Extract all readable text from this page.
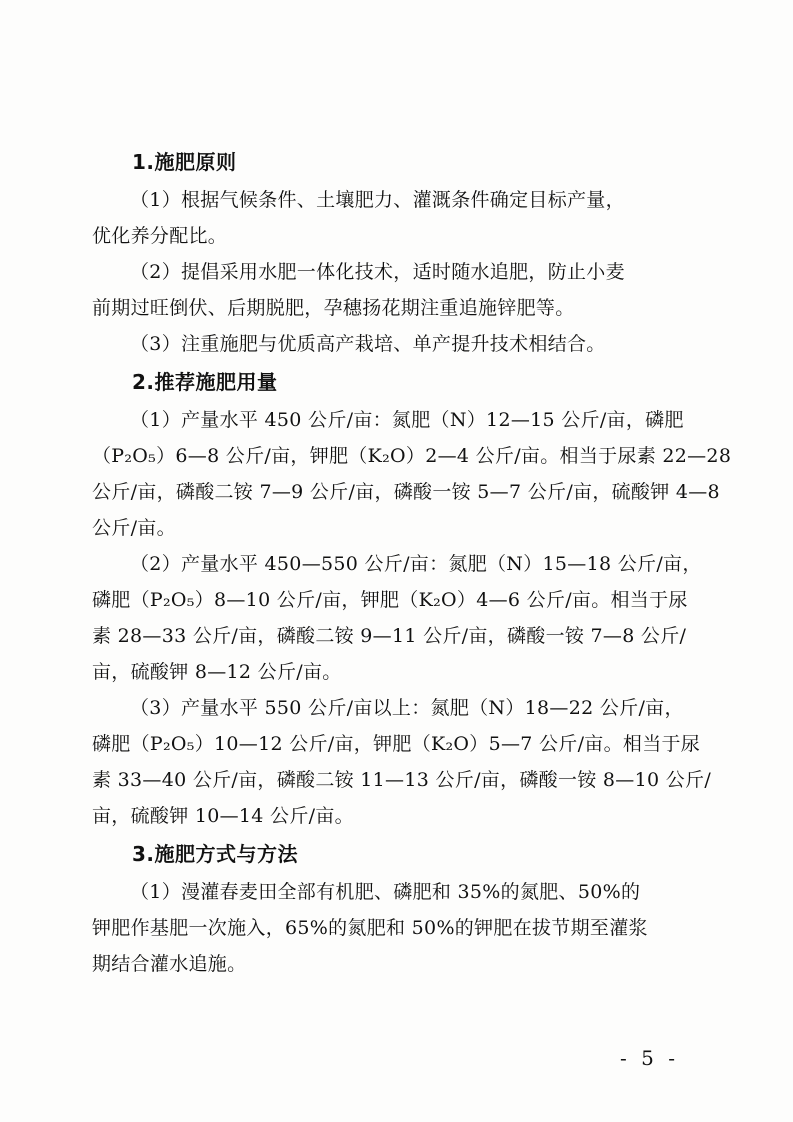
1.施肥原则
（1）根据气候条件、土壤肥力、灌溉条件确定目标产量，
优化养分配比。
（2）提倡采用水肥一体化技术，适时随水追肥，防止小麦
前期过旺倒伏、后期脱肥，孕穗扬花期注重追施锌肥等。
（3）注重施肥与优质高产栽培、单产提升技术相结合。
2.推荐施肥用量
（1）产量水平 450 公斤/亩：氮肥（N）12—15 公斤/亩，磷肥
（P₂O₅）6—8 公斤/亩，钾肥（K₂O）2—4 公斤/亩。相当于尿素 22—28
公斤/亩，磷酸二铵 7—9 公斤/亩，磷酸一铵 5—7 公斤/亩，硫酸钾 4—8
公斤/亩。
（2）产量水平 450—550 公斤/亩：氮肥（N）15—18 公斤/亩，
磷肥（P₂O₅）8—10 公斤/亩，钾肥（K₂O）4—6 公斤/亩。相当于尿
素 28—33 公斤/亩，磷酸二铵 9—11 公斤/亩，磷酸一铵 7—8 公斤/
亩，硫酸钾 8—12 公斤/亩。
（3）产量水平 550 公斤/亩以上：氮肥（N）18—22 公斤/亩，
磷肥（P₂O₅）10—12 公斤/亩，钾肥（K₂O）5—7 公斤/亩。相当于尿
素 33—40 公斤/亩，磷酸二铵 11—13 公斤/亩，磷酸一铵 8—10 公斤/
亩，硫酸钾 10—14 公斤/亩。
3.施肥方式与方法
（1）漫灌春麦田全部有机肥、磷肥和 35%的氮肥、50%的
钾肥作基肥一次施入，65%的氮肥和 50%的钾肥在拔节期至灌浆
期结合灌水追施。
- 5 -
